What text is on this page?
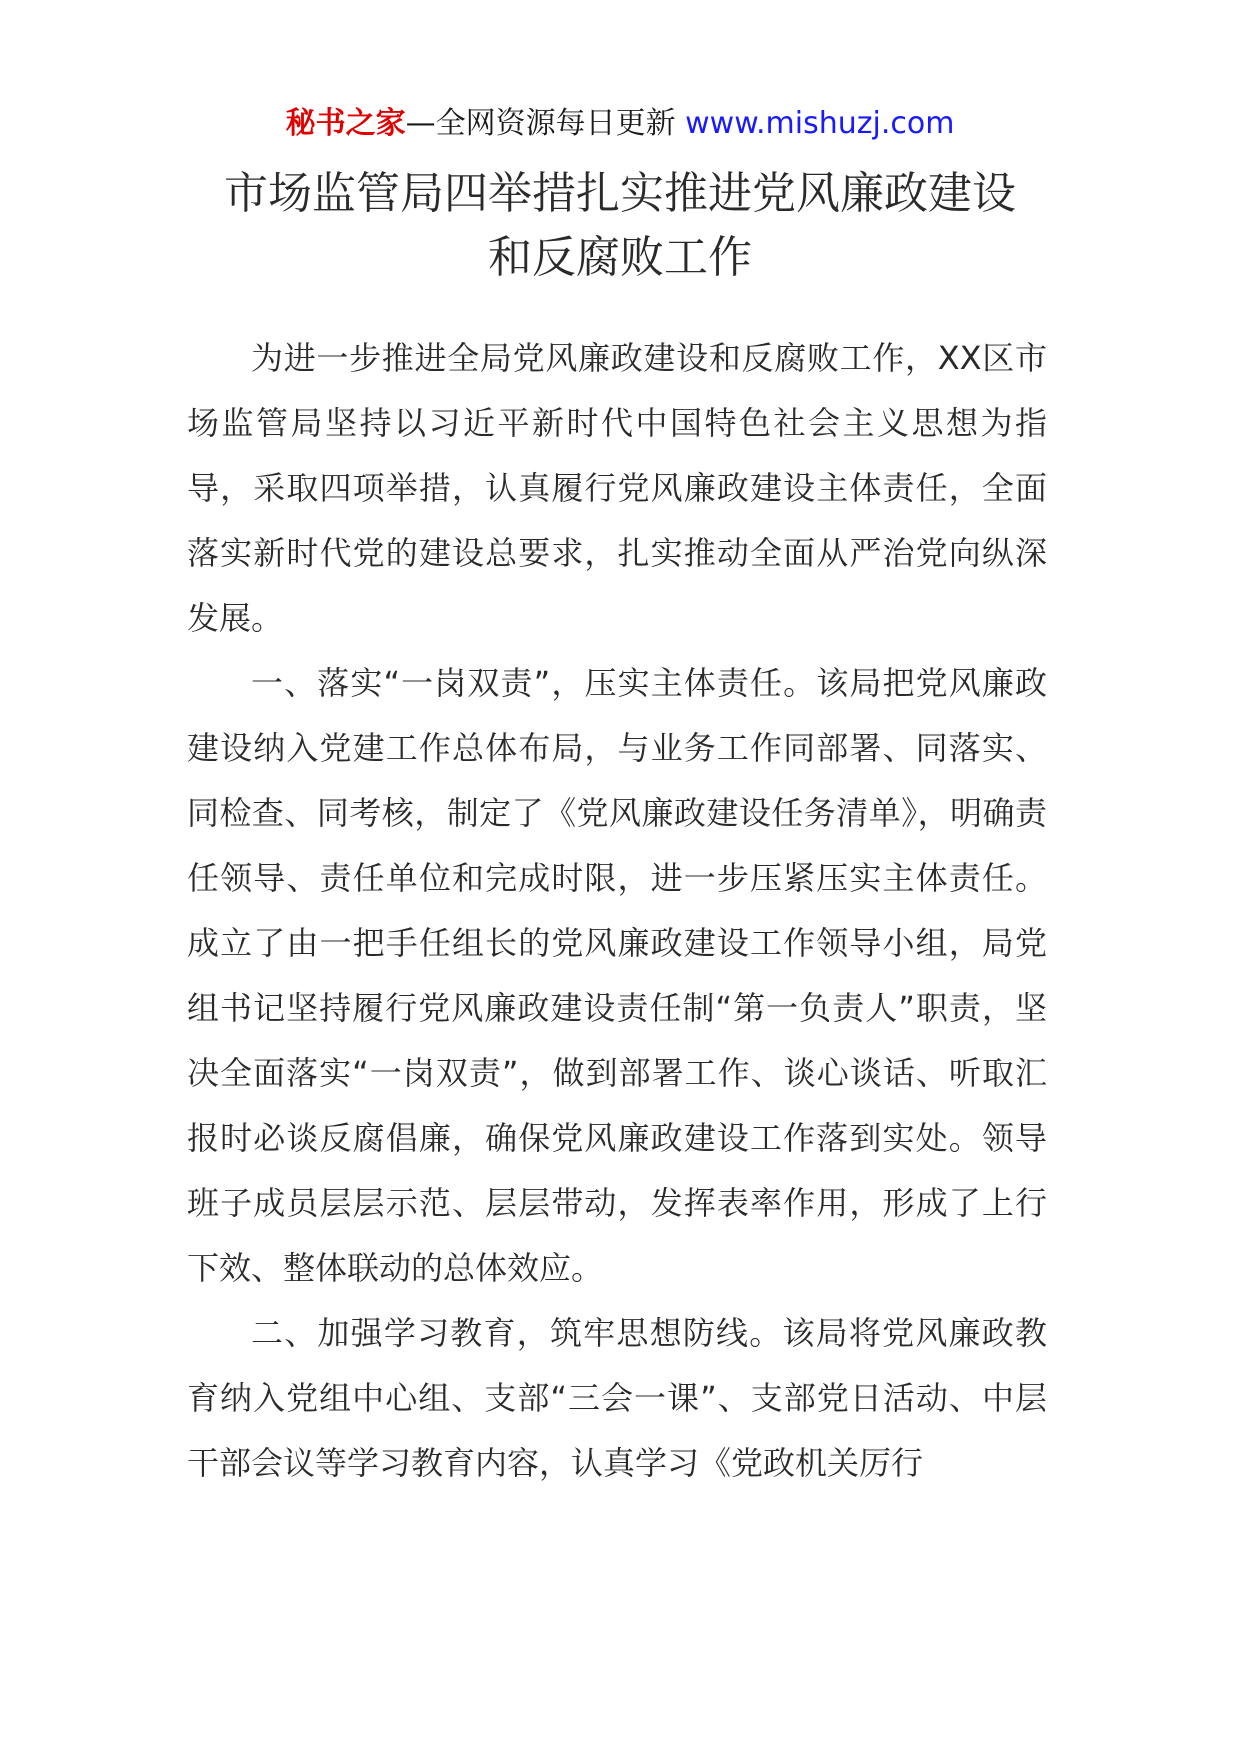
秘书之家—全网资源每日更新 www.mishuzj.com
市场监管局四举措扎实推进党风廉政建设
和反腐败工作

为进一步推进全局党风廉政建设和反腐败工作，XX区市场监管局坚持以习近平新时代中国特色社会主义思想为指导，采取四项举措，认真履行党风廉政建设主体责任，全面落实新时代党的建设总要求，扎实推动全面从严治党向纵深发展。

一、落实“一岗双责”，压实主体责任。该局把党风廉政建设纳入党建工作总体布局，与业务工作同部署、同落实、同检查、同考核，制定了《党风廉政建设任务清单》，明确责任领导、责任单位和完成时限，进一步压紧压实主体责任。成立了由一把手任组长的党风廉政建设工作领导小组，局党组书记坚持履行党风廉政建设责任制“第一负责人”职责，坚决全面落实“一岗双责”，做到部署工作、谈心谈话、听取汇报时必谈反腐倡廉，确保党风廉政建设工作落到实处。领导班子成员层层示范、层层带动，发挥表率作用，形成了上行下效、整体联动的总体效应。

二、加强学习教育，筑牢思想防线。该局将党风廉政教育纳入党组中心组、支部“三会一课”、支部党日活动、中层干部会议等学习教育内容，认真学习《党政机关厉行
